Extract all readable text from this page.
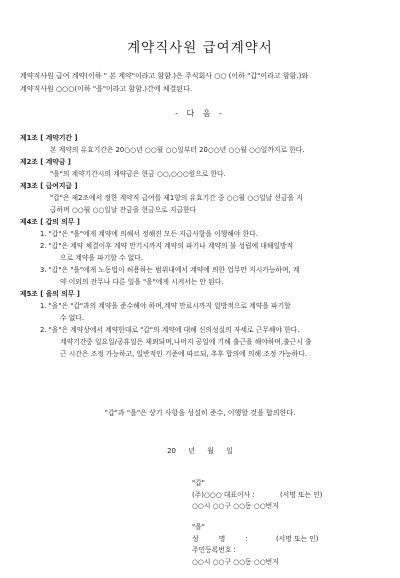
계약직사원 급여계약서
계약직사원 급여 계약(이하 " 본 계약"이라고 함함.)은 주식회사 ○○ (이하 "갑"이라고 함함.)와
계약직사원 ○○○(이하 "을"이라고 함함.)간에 체결된다.
- 다 음 -
제1조 [ 계약기간 ]
본 계약의 유효기간은 20○○년 ○○월 ○○일부터 20○○년 ○○월 ○○일까지로 한다.
제2조 [ 계약금 ]
"을"의 계약기간시의 계약금은 현금 ○○,○○○원으로 한다.
제3조 [ 급여지급 ]
"갑"은 제2조에서 정한 계약직 급여를 제1항의 유효기간 중 ○○월 ○○일날 선금을 지
급하며 ○○월 ○○일날 잔금을 현금으로 지급한다
제4조 [ 갑의 의무 ]
1. "갑"은 "을"에게 계약에 의해서 정해진 모든 지급사항을 이행해야 한다.
2. "갑"은 계약 체결이후 계약 만기시까지 계약의 파기나 계약의 불 성립에 대해일방적
으로 계약을 파기할 수 없다.
3. "갑"은 "을"에게 노동법이 허용하는 범위내에서 계약에 의한 업무만 지시가능하며, 계
약 이외의 잔무나 다른 일을 "을"에게 시켜서는 안 된다.
제5조 [ 을의 의무 ]
1. "을"은 "갑"과의 계약을 준수해야 하며,계약 만료시까지 일방적으로 계약을 파기할
수 없다.
2. "을"은 계약상에서 계약한대로 "갑"의 계약에 대해 신의성실의 자세로 근무해야 한다.
계약기간중 일요일/공휴일은 제외되며,나머지 공일에 기해 출근을 해야하며,출근시 출
근 시간은 조정 가능하고, 일반적인 기준에 따르되, 추후 합의에 의해 조정 가능하다.
"갑"과 "을"은 상기 사항을 성실히 준수, 이행할 것을 합의한다.
20 년 월 일
"갑"
(주)○○○ 대표이사 :	(서명 또는 인)
○○시 ○○구 ○○동 ○○번지
"을"
성 명 :	(서명 또는 인)
주민등록번호 :
○○시 ○○구 ○○동 ○○번지
